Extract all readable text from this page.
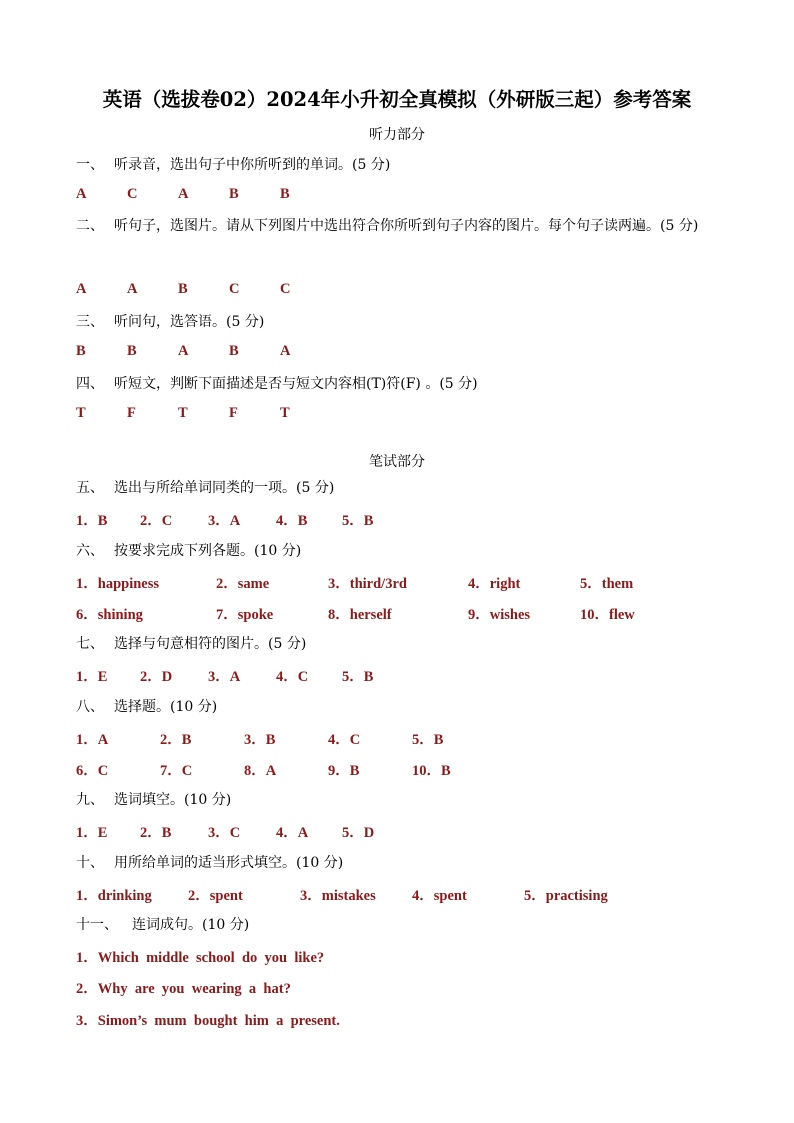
英语（选拔卷02）2024年小升初全真模拟（外研版三起）参考答案
听力部分
一、 听录音，选出句子中你所听到的单词。(5 分)
A	C	A	B	B
二、 听句子，选图片。请从下列图片中选出符合你所听到句子内容的图片。每个句子读两遍。(5 分)
A	A	B	C	C
三、 听问句，选答语。(5 分)
B	B	A	B	A
四、 听短文，判断下面描述是否与短文内容相(T)符(F) 。(5 分)
T	F	T	F	T
笔试部分
五、 选出与所给单词同类的一项。(5 分)
1．B 2．C 3．A 4．B 5．B
六、 按要求完成下列各题。(10 分)
1．happiness	2．same	3．third/3rd	4．right	5．them
6．shining	7．spoke	8．herself	9．wishes	10．flew
七、 选择与句意相符的图片。(5 分)
1．E 2．D 3．A 4．C 5．B
八、 选择题。(10 分)
1．A	2．B	3．B	4．C	5．B
6．C	7．C	8．A	9．B	10．B
九、 选词填空。(10 分)
1．E 2．B	3．C 4．A 5．D
十、 用所给单词的适当形式填空。(10 分)
1．drinking	2．spent	3．mistakes	4．spent	5．practising
十一、 连词成句。(10 分)

1．Which  middle  school  do  you  like?

2．Why  are  you  wearing  a  hat?

3．Simon’s  mum  bought  him  a  present.
